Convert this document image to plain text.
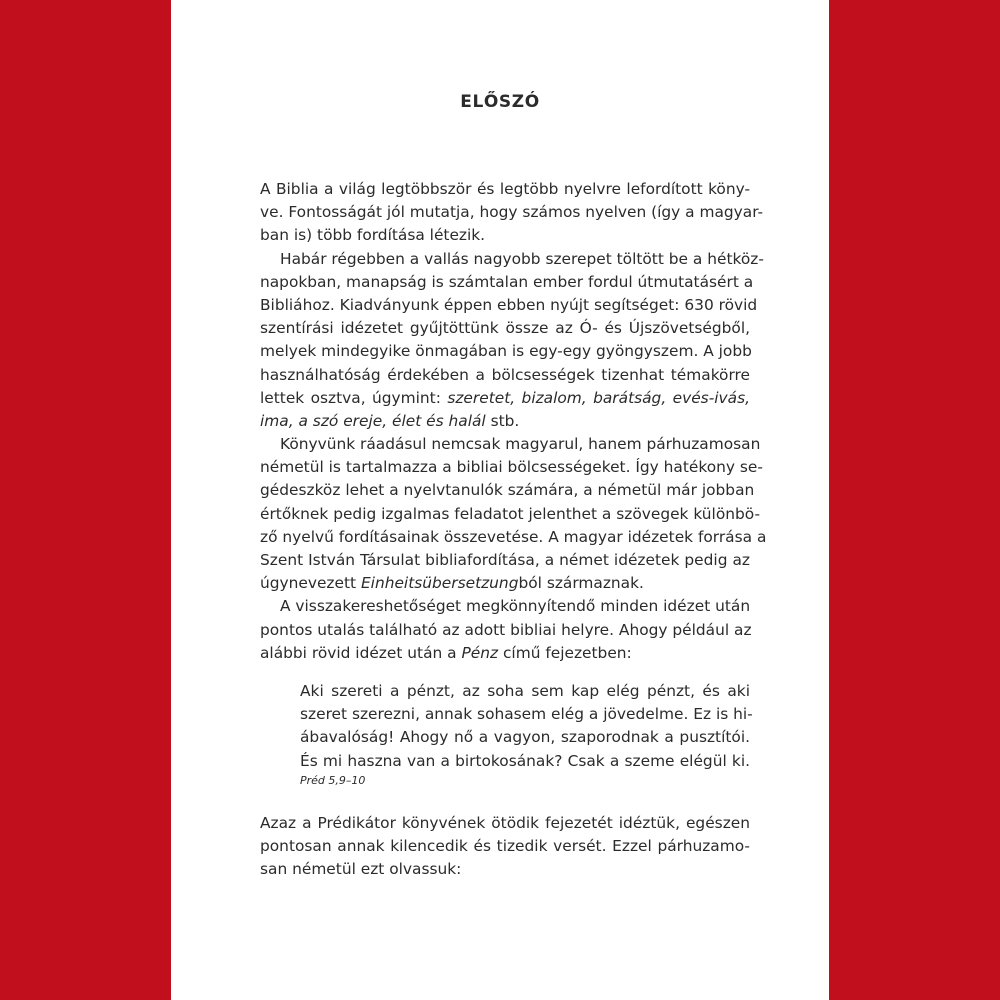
ELŐSZÓ
A Biblia a világ legtöbbször és legtöbb nyelvre lefordított köny-
ve. Fontosságát jól mutatja, hogy számos nyelven (így a magyar-
ban is) több fordítása létezik.
Habár régebben a vallás nagyobb szerepet töltött be a hétköz-
napokban, manapság is számtalan ember fordul útmutatásért a
Bibliához. Kiadványunk éppen ebben nyújt segítséget: 630 rövid
szentírási idézetet gyűjtöttünk össze az Ó- és Újszövetségből,
melyek mindegyike önmagában is egy-egy gyöngyszem. A jobb
használhatóság érdekében a bölcsességek tizenhat témakörre
lettek osztva, úgymint: szeretet, bizalom, barátság, evés-ivás,
ima, a szó ereje, élet és halál stb.
Könyvünk ráadásul nemcsak magyarul, hanem párhuzamosan
németül is tartalmazza a bibliai bölcsességeket. Így hatékony se-
gédeszköz lehet a nyelvtanulók számára, a németül már jobban
értőknek pedig izgalmas feladatot jelenthet a szövegek különbö-
ző nyelvű fordításainak összevetése. A magyar idézetek forrása a
Szent István Társulat bibliafordítása, a német idézetek pedig az
úgynevezett Einheitsübersetzungból származnak.
A visszakereshetőséget megkönnyítendő minden idézet után
pontos utalás található az adott bibliai helyre. Ahogy például az
alábbi rövid idézet után a Pénz című fejezetben:
Aki szereti a pénzt, az soha sem kap elég pénzt, és aki
szeret szerezni, annak sohasem elég a jövedelme. Ez is hi-
ábavalóság! Ahogy nő a vagyon, szaporodnak a pusztítói.
És mi haszna van a birtokosának? Csak a szeme elégül ki.
Préd 5,9–10
Azaz a Prédikátor könyvének ötödik fejezetét idéztük, egészen
pontosan annak kilencedik és tizedik versét. Ezzel párhuzamo-
san németül ezt olvassuk:
